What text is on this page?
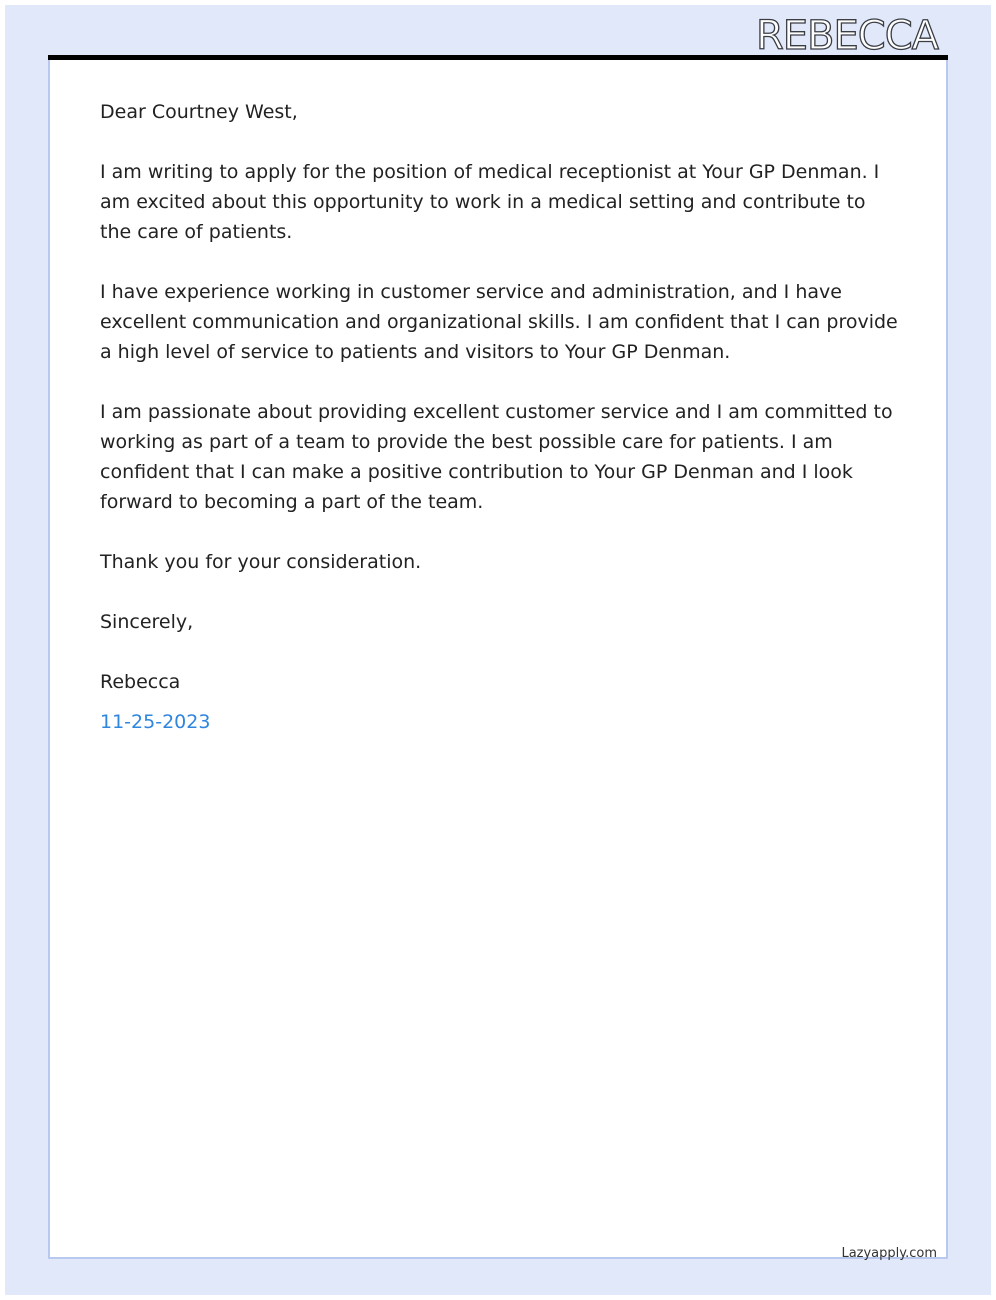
REBECCA

Dear Courtney West,

I am writing to apply for the position of medical receptionist at Your GP Denman. I am excited about this opportunity to work in a medical setting and contribute to the care of patients.

I have experience working in customer service and administration, and I have excellent communication and organizational skills. I am confident that I can provide a high level of service to patients and visitors to Your GP Denman.

I am passionate about providing excellent customer service and I am committed to working as part of a team to provide the best possible care for patients. I am confident that I can make a positive contribution to Your GP Denman and I look forward to becoming a part of the team.

Thank you for your consideration.

Sincerely,

Rebecca

11-25-2023

Lazyapply.com
